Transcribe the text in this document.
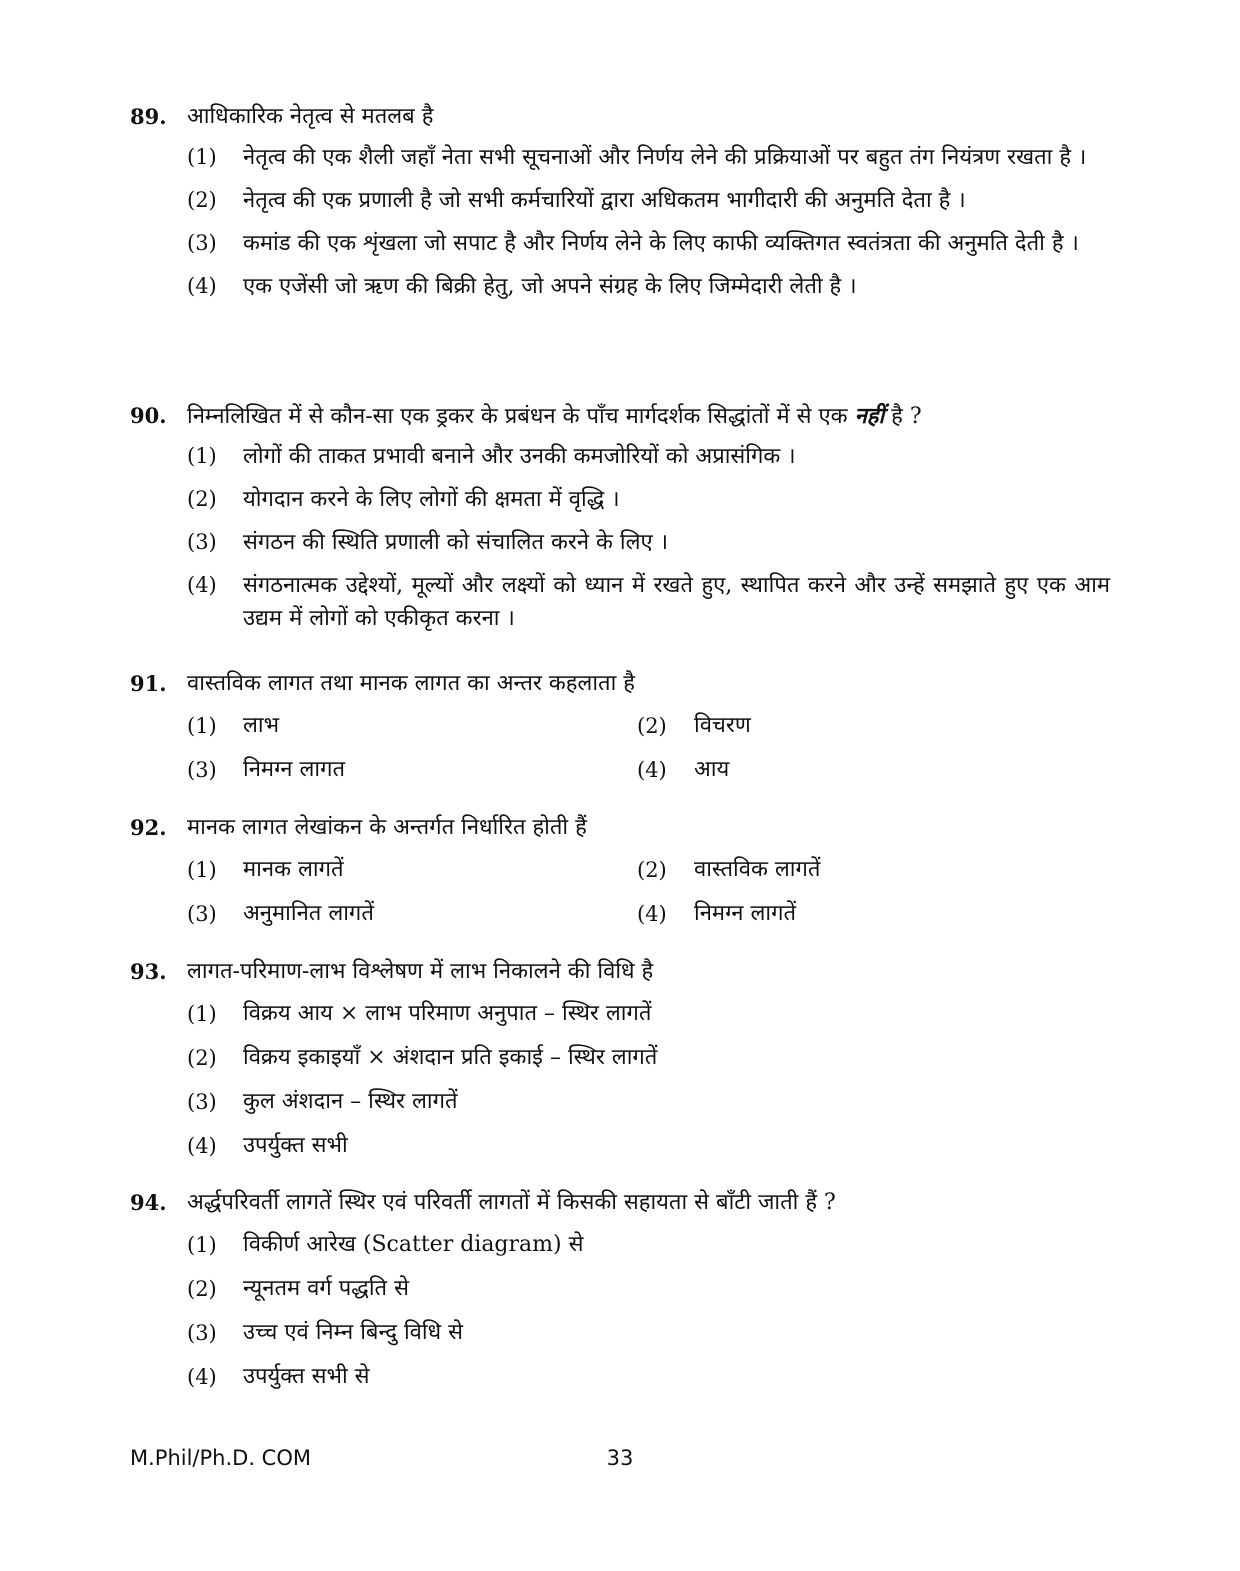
89. आधिकारिक नेतृत्व से मतलब है
(1) नेतृत्व की एक शैली जहाँ नेता सभी सूचनाओं और निर्णय लेने की प्रक्रियाओं पर बहुत तंग नियंत्रण रखता है ।
(2) नेतृत्व की एक प्रणाली है जो सभी कर्मचारियों द्वारा अधिकतम भागीदारी की अनुमति देता है ।
(3) कमांड की एक शृंखला जो सपाट है और निर्णय लेने के लिए काफी व्यक्तिगत स्वतंत्रता की अनुमति देती है ।
(4) एक एजेंसी जो ऋण की बिक्री हेतु, जो अपने संग्रह के लिए जिम्मेदारी लेती है ।
90. निम्नलिखित में से कौन-सा एक ड्रकर के प्रबंधन के पाँच मार्गदर्शक सिद्धांतों में से एक नहीं है ?
(1) लोगों की ताकत प्रभावी बनाने और उनकी कमजोरियों को अप्रासंगिक ।
(2) योगदान करने के लिए लोगों की क्षमता में वृद्धि ।
(3) संगठन की स्थिति प्रणाली को संचालित करने के लिए ।
(4) संगठनात्मक उद्देश्यों, मूल्यों और लक्ष्यों को ध्यान में रखते हुए, स्थापित करने और उन्हें समझाते हुए एक आम उद्यम में लोगों को एकीकृत करना ।
91. वास्तविक लागत तथा मानक लागत का अन्तर कहलाता है
(1) लाभ	(2) विचरण
(3) निमग्न लागत	(4) आय
92. मानक लागत लेखांकन के अन्तर्गत निर्धारित होती हैं
(1) मानक लागतें	(2) वास्तविक लागतें
(3) अनुमानित लागतें	(4) निमग्न लागतें
93. लागत-परिमाण-लाभ विश्लेषण में लाभ निकालने की विधि है
(1) विक्रय आय × लाभ परिमाण अनुपात – स्थिर लागतें
(2) विक्रय इकाइयाँ × अंशदान प्रति इकाई – स्थिर लागतें
(3) कुल अंशदान – स्थिर लागतें
(4) उपर्युक्त सभी
94. अर्द्धपरिवर्ती लागतें स्थिर एवं परिवर्ती लागतों में किसकी सहायता से बाँटी जाती हैं ?
(1) विकीर्ण आरेख (Scatter diagram) से
(2) न्यूनतम वर्ग पद्धति से
(3) उच्च एवं निम्न बिन्दु विधि से
(4) उपर्युक्त सभी से
M.Phil/Ph.D. COM	33
